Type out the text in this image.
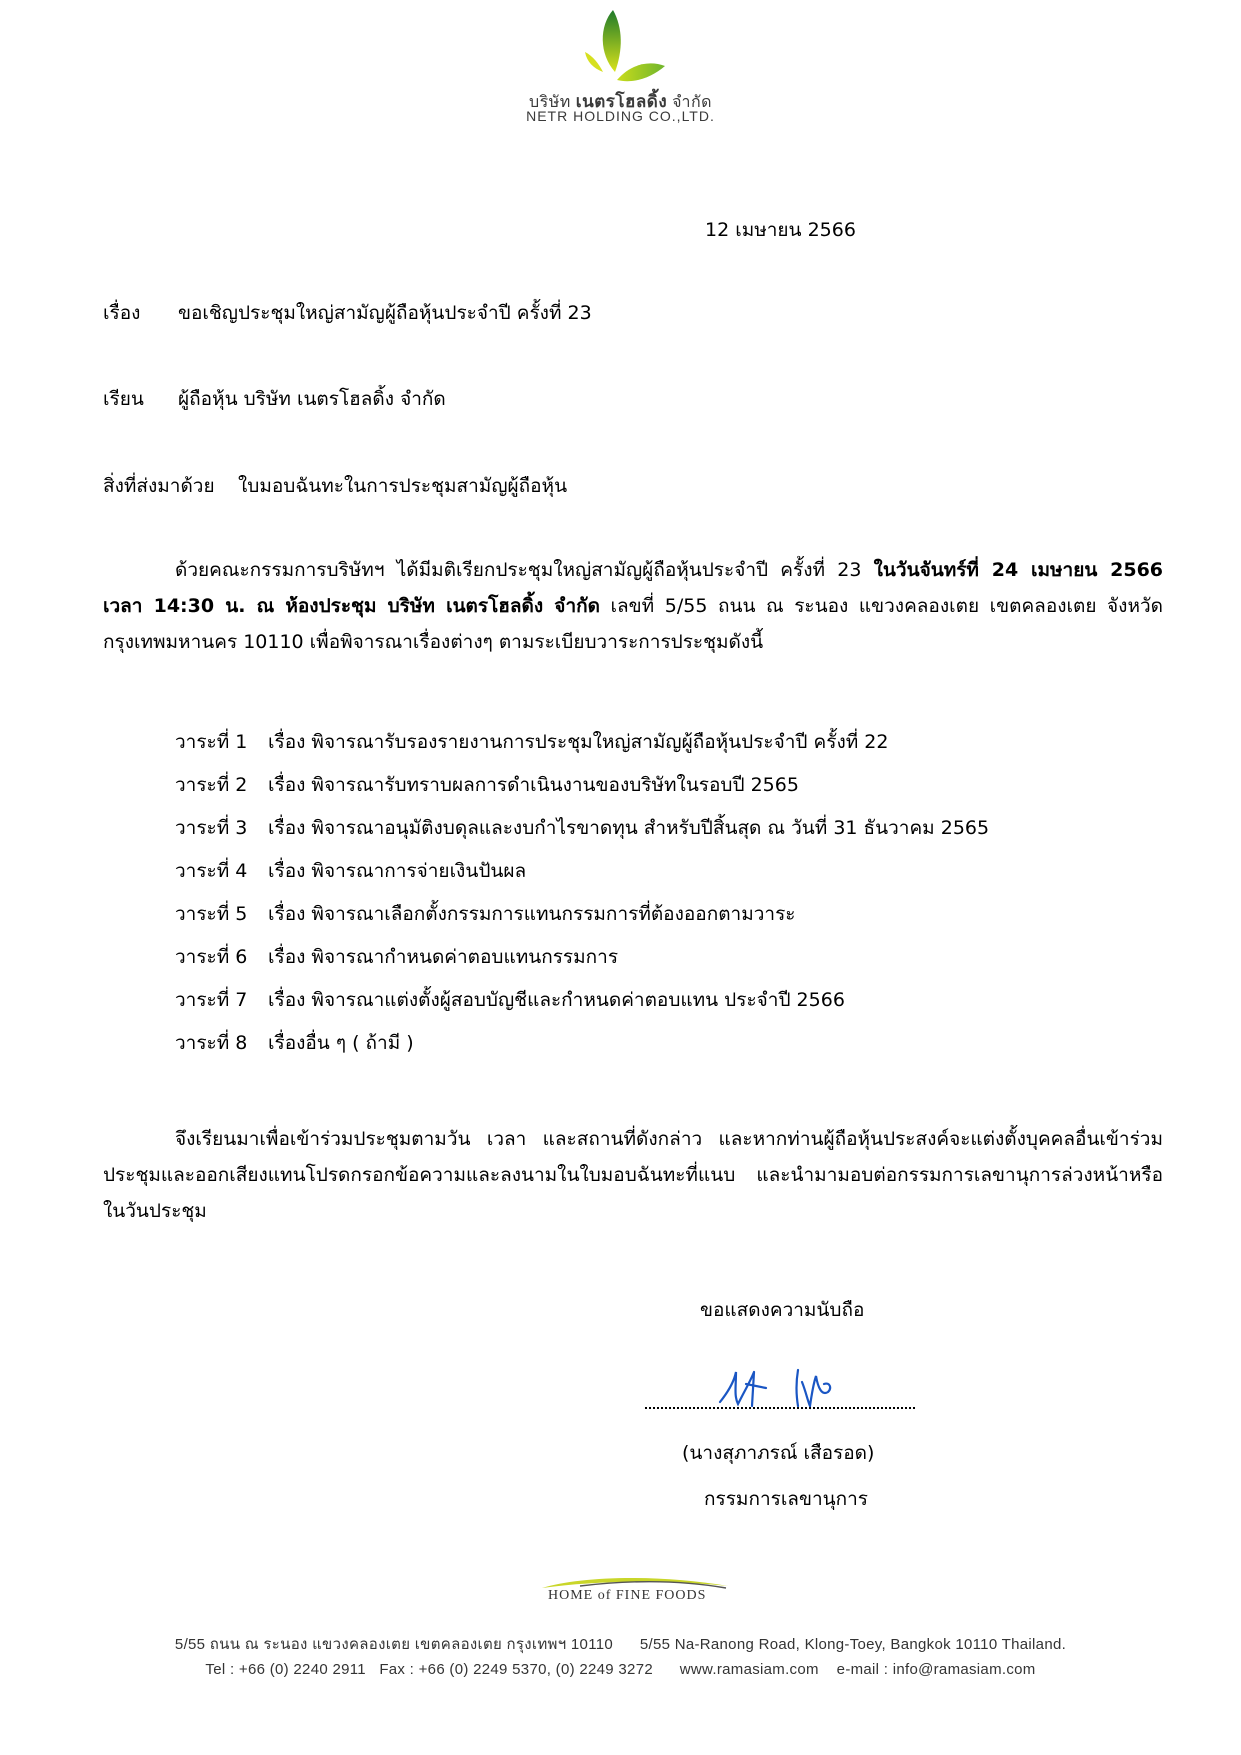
บริษัท เนตรโฮลดิ้ง จำกัด
NETR HOLDING CO.,LTD.
12 เมษายน 2566
เรื่อง ขอเชิญประชุมใหญ่สามัญผู้ถือหุ้นประจำปี ครั้งที่ 23
เรียน ผู้ถือหุ้น บริษัท เนตรโฮลดิ้ง จำกัด
สิ่งที่ส่งมาด้วย ใบมอบฉันทะในการประชุมสามัญผู้ถือหุ้น
ด้วยคณะกรรมการบริษัทฯ ได้มีมติเรียกประชุมใหญ่สามัญผู้ถือหุ้นประจำปี ครั้งที่ 23 ในวันจันทร์ที่ 24 เมษายน 2566 เวลา 14:30 น. ณ ห้องประชุม บริษัท เนตรโฮลดิ้ง จำกัด เลขที่ 5/55 ถนน ณ ระนอง แขวงคลองเตย เขตคลองเตย จังหวัดกรุงเทพมหานคร 10110 เพื่อพิจารณาเรื่องต่างๆ ตามระเบียบวาระการประชุมดังนี้
วาระที่ 1 เรื่อง พิจารณารับรองรายงานการประชุมใหญ่สามัญผู้ถือหุ้นประจำปี ครั้งที่ 22
วาระที่ 2 เรื่อง พิจารณารับทราบผลการดำเนินงานของบริษัทในรอบปี 2565
วาระที่ 3 เรื่อง พิจารณาอนุมัติงบดุลและงบกำไรขาดทุน สำหรับปีสิ้นสุด ณ วันที่ 31 ธันวาคม 2565
วาระที่ 4 เรื่อง พิจารณาการจ่ายเงินปันผล
วาระที่ 5 เรื่อง พิจารณาเลือกตั้งกรรมการแทนกรรมการที่ต้องออกตามวาระ
วาระที่ 6 เรื่อง พิจารณากำหนดค่าตอบแทนกรรมการ
วาระที่ 7 เรื่อง พิจารณาแต่งตั้งผู้สอบบัญชีและกำหนดค่าตอบแทน ประจำปี 2566
วาระที่ 8 เรื่องอื่น ๆ ( ถ้ามี )
จึงเรียนมาเพื่อเข้าร่วมประชุมตามวัน เวลา และสถานที่ดังกล่าว และหากท่านผู้ถือหุ้นประสงค์จะแต่งตั้งบุคคลอื่นเข้าร่วมประชุมและออกเสียงแทนโปรดกรอกข้อความและลงนามในใบมอบฉันทะที่แนบ และนำมามอบต่อกรรมการเลขานุการล่วงหน้าหรือในวันประชุม
ขอแสดงความนับถือ
(นางสุภาภรณ์ เสือรอด)
กรรมการเลขานุการ
HOME of FINE FOODS
5/55 ถนน ณ ระนอง แขวงคลองเตย เขตคลองเตย กรุงเทพฯ 10110 5/55 Na-Ranong Road, Klong-Toey, Bangkok 10110 Thailand.
Tel : +66 (0) 2240 2911 Fax : +66 (0) 2249 5370, (0) 2249 3272 www.ramasiam.com e-mail : info@ramasiam.com
